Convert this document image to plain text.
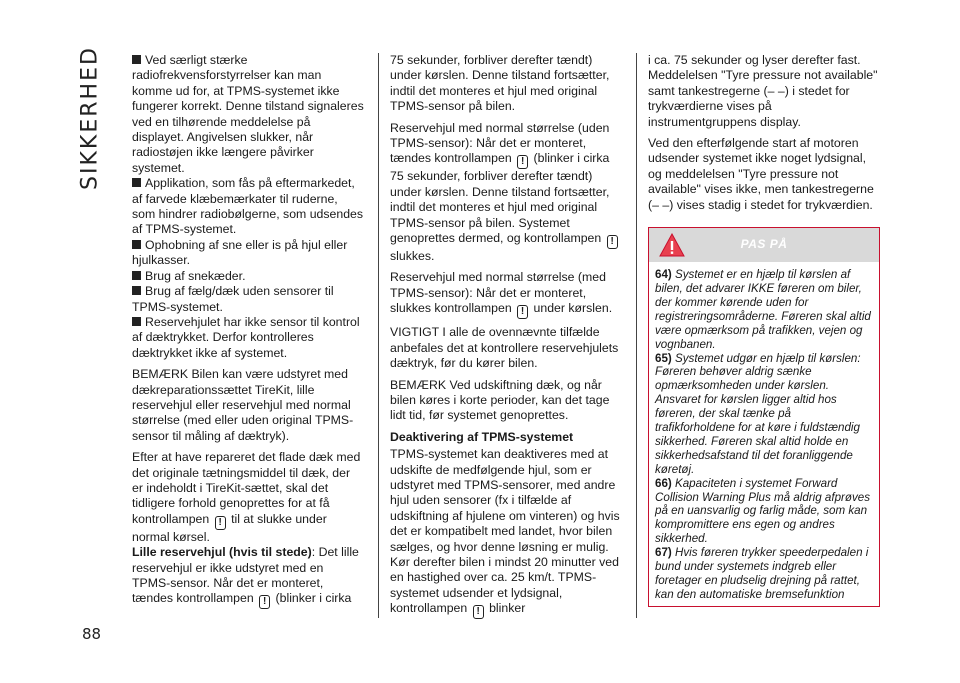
SIKKERHED	Ved særligt stærke radiofrekvensforstyrrelser kan man komme ud for, at TPMS-systemet ikke fungerer korrekt. Denne tilstand signaleres ved en tilhørende meddelelse på displayet. Angivelsen slukker, når radiostøjen ikke længere påvirker systemet.

Applikation, som fås på eftermarkedet, af farvede klæbemærkater til ruderne, som hindrer radiobølgerne, som udsendes af TPMS-systemet.

Ophobning af sne eller is på hjul eller hjulkasser.

Brug af snekæder.

Brug af fælg/dæk uden sensorer til TPMS-systemet.

Reservehjulet har ikke sensor til kontrol af dæktrykket. Derfor kontrolleres dæktrykket ikke af systemet.

BEMÆRK Bilen kan være udstyret med dækreparationssættet TireKit, lille reservehjul eller reservehjul med normal størrelse (med eller uden original TPMS-sensor til måling af dæktryk).

Efter at have repareret det flade dæk med det originale tætningsmiddel til dæk, der er indeholdt i TireKit-sættet, skal det tidligere forhold genoprettes for at få kontrollampen ! til at slukke under normal kørsel.

Lille reservehjul (hvis til stede): Det lille reservehjul er ikke udstyret med en TPMS-sensor. Når det er monteret, tændes kontrollampen ! (blinker i cirka

75 sekunder, forbliver derefter tændt) under kørslen. Denne tilstand fortsætter, indtil det monteres et hjul med original TPMS-sensor på bilen.

Reservehjul med normal størrelse (uden TPMS-sensor): Når det er monteret, tændes kontrollampen ! (blinker i cirka 75 sekunder, forbliver derefter tændt) under kørslen. Denne tilstand fortsætter, indtil det monteres et hjul med original TPMS-sensor på bilen. Systemet genoprettes dermed, og kontrollampen ! slukkes.

Reservehjul med normal størrelse (med TPMS-sensor): Når det er monteret, slukkes kontrollampen ! under kørslen.

VIGTIGT I alle de ovennævnte tilfælde anbefales det at kontrollere reservehjulets dæktryk, før du kører bilen.

BEMÆRK Ved udskiftning dæk, og når bilen køres i korte perioder, kan det tage lidt tid, før systemet genoprettes.

Deaktivering af TPMS-systemet

TPMS-systemet kan deaktiveres med at udskifte de medfølgende hjul, som er udstyret med TPMS-sensorer, med andre hjul uden sensorer (fx i tilfælde af udskiftning af hjulene om vinteren) og hvis det er kompatibelt med landet, hvor bilen sælges, og hvor denne løsning er mulig. Kør derefter bilen i mindst 20 minutter ved en hastighed over ca. 25 km/t. TPMS-systemet udsender et lydsignal, kontrollampen ! blinker

i ca. 75 sekunder og lyser derefter fast. Meddelelsen "Tyre pressure not available" samt tankestregerne (– –) i stedet for trykværdierne vises på instrumentgruppens display.

Ved den efterfølgende start af motoren udsender systemet ikke noget lydsignal, og meddelelsen "Tyre pressure not available" vises ikke, men tankestregerne (– –) vises stadig i stedet for trykværdien.

PAS PÅ

64) Systemet er en hjælp til kørslen af bilen, det advarer IKKE føreren om biler, der kommer kørende uden for registreringsområderne. Føreren skal altid være opmærksom på trafikken, vejen og vognbanen.

65) Systemet udgør en hjælp til kørslen: Føreren behøver aldrig sænke opmærksomheden under kørslen. Ansvaret for kørslen ligger altid hos føreren, der skal tænke på trafikforholdene for at køre i fuldstændig sikkerhed. Føreren skal altid holde en sikkerhedsafstand til det foranliggende køretøj.

66) Kapaciteten i systemet Forward Collision Warning Plus må aldrig afprøves på en uansvarlig og farlig måde, som kan kompromittere ens egen og andres sikkerhed.

67) Hvis føreren trykker speederpedalen i bund under systemets indgreb eller foretager en pludselig drejning på rattet, kan den automatiske bremsefunktion

88
